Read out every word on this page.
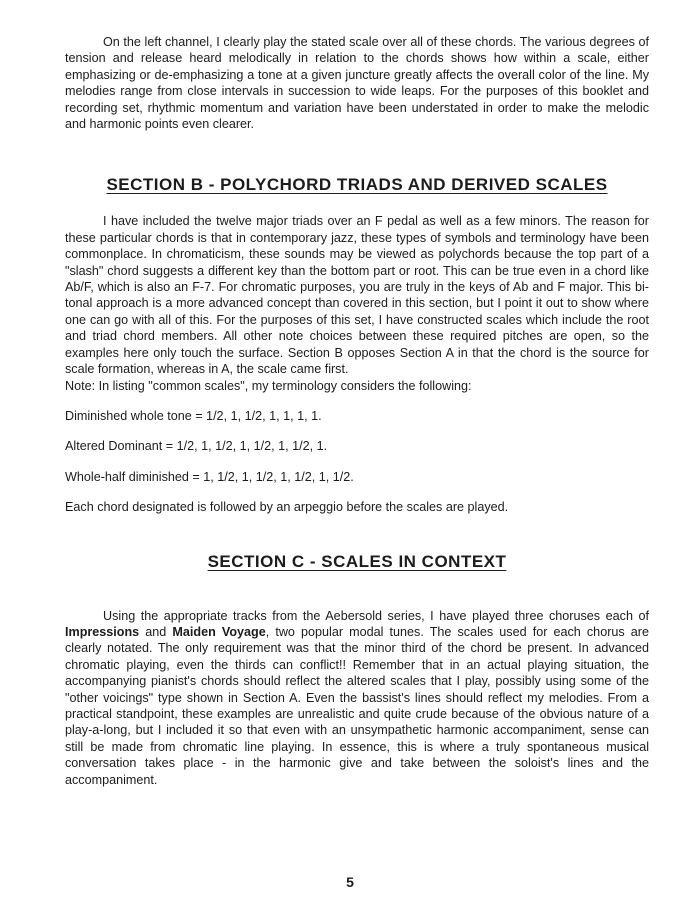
On the left channel, I clearly play the stated scale over all of these chords. The various degrees of tension and release heard melodically in relation to the chords shows how within a scale, either emphasizing or de-emphasizing a tone at a given juncture greatly affects the overall color of the line. My melodies range from close intervals in succession to wide leaps. For the purposes of this booklet and recording set, rhythmic momentum and variation have been understated in order to make the melodic and harmonic points even clearer.

SECTION B - POLYCHORD TRIADS AND DERIVED SCALES

I have included the twelve major triads over an F pedal as well as a few minors. The reason for these particular chords is that in contemporary jazz, these types of symbols and terminology have been commonplace. In chromaticism, these sounds may be viewed as polychords because the top part of a "slash" chord suggests a different key than the bottom part or root. This can be true even in a chord like Ab/F, which is also an F-7. For chromatic purposes, you are truly in the keys of Ab and F major. This bi-tonal approach is a more advanced concept than covered in this section, but I point it out to show where one can go with all of this. For the purposes of this set, I have constructed scales which include the root and triad chord members. All other note choices between these required pitches are open, so the examples here only touch the surface. Section B opposes Section A in that the chord is the source for scale formation, whereas in A, the scale came first.

Note: In listing "common scales", my terminology considers the following:

Diminished whole tone = 1/2, 1, 1/2, 1, 1, 1, 1.
Altered Dominant = 1/2, 1, 1/2, 1, 1/2, 1, 1/2, 1.
Whole-half diminished = 1, 1/2, 1, 1/2, 1, 1/2, 1, 1/2.
Each chord designated is followed by an arpeggio before the scales are played.
SECTION C - SCALES IN CONTEXT

Using the appropriate tracks from the Aebersold series, I have played three choruses each of Impressions and Maiden Voyage, two popular modal tunes. The scales used for each chorus are clearly notated. The only requirement was that the minor third of the chord be present. In advanced chromatic playing, even the thirds can conflict!! Remember that in an actual playing situation, the accompanying pianist's chords should reflect the altered scales that I play, possibly using some of the "other voicings" type shown in Section A. Even the bassist's lines should reflect my melodies. From a practical standpoint, these examples are unrealistic and quite crude because of the obvious nature of a play-a-long, but I included it so that even with an unsympathetic harmonic accompaniment, sense can still be made from chromatic line playing. In essence, this is where a truly spontaneous musical conversation takes place - in the harmonic give and take between the soloist's lines and the accompaniment.

5
